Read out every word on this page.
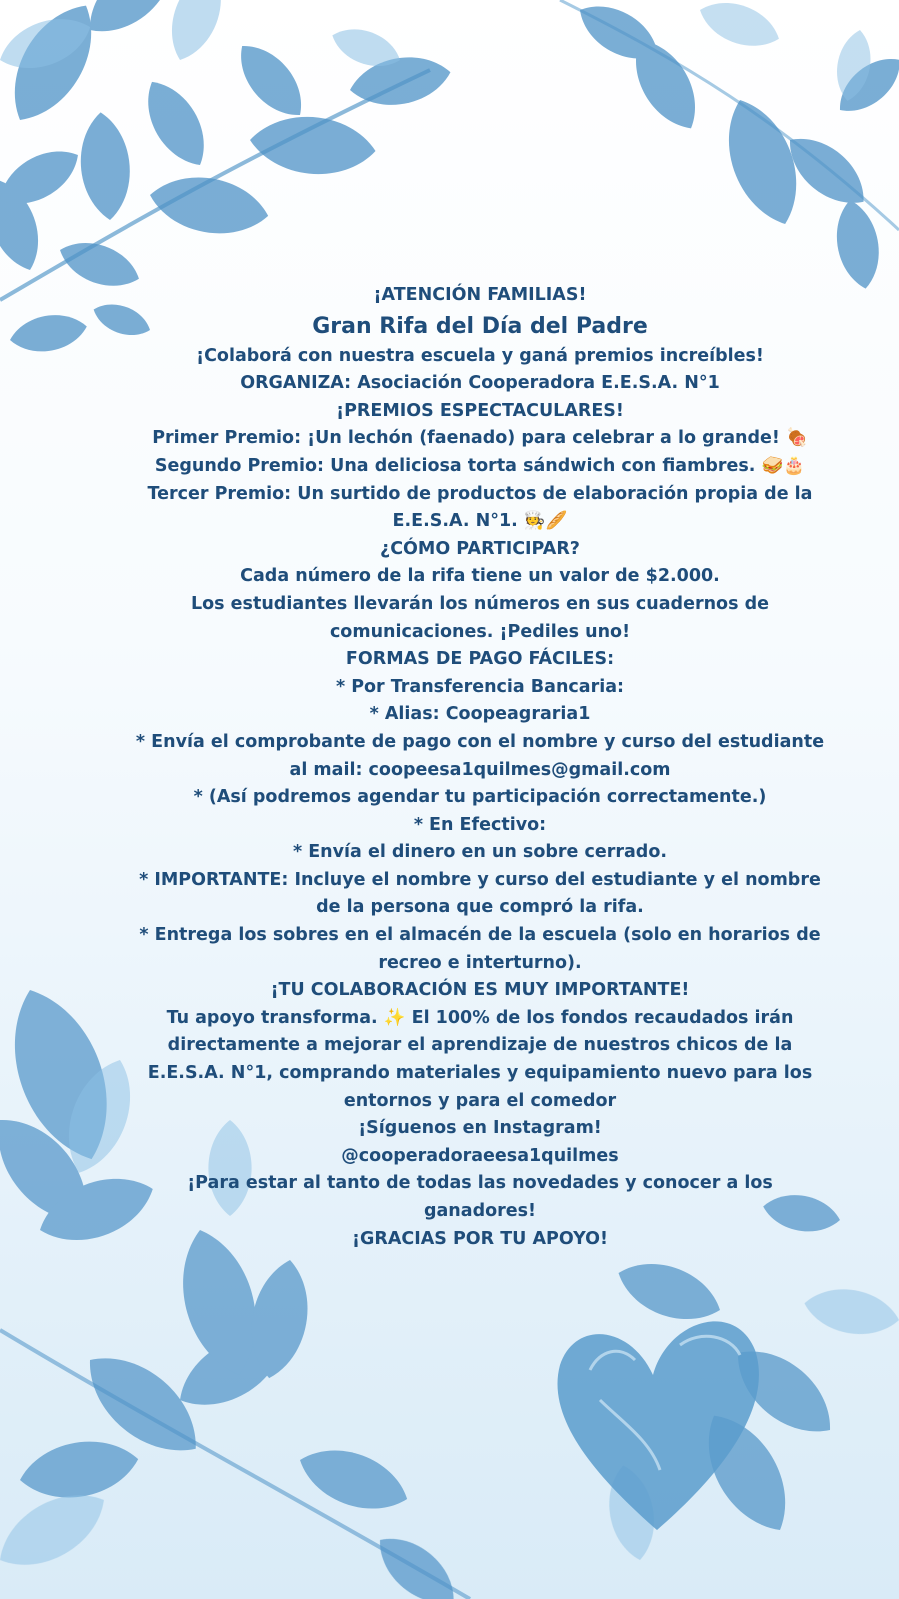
¡ATENCIÓN FAMILIAS!
Gran Rifa del Día del Padre
¡Colaborá con nuestra escuela y ganá premios increíbles!
ORGANIZA: Asociación Cooperadora E.E.S.A. N°1
¡PREMIOS ESPECTACULARES!
Primer Premio: ¡Un lechón (faenado) para celebrar a lo grande! 🍖
Segundo Premio: Una deliciosa torta sándwich con fiambres. 🥪🎂
Tercer Premio: Un surtido de productos de elaboración propia de la E.E.S.A. N°1. 🧑‍🍳🥖
¿CÓMO PARTICIPAR?
Cada número de la rifa tiene un valor de $2.000.
Los estudiantes llevarán los números en sus cuadernos de comunicaciones. ¡Pediles uno!
FORMAS DE PAGO FÁCILES:
* Por Transferencia Bancaria:
* Alias: Coopeagraria1
* Envía el comprobante de pago con el nombre y curso del estudiante al mail: coopeesa1quilmes@gmail.com
* (Así podremos agendar tu participación correctamente.)
* En Efectivo:
* Envía el dinero en un sobre cerrado.
* IMPORTANTE: Incluye el nombre y curso del estudiante y el nombre de la persona que compró la rifa.
* Entrega los sobres en el almacén de la escuela (solo en horarios de recreo e interturno).
¡TU COLABORACIÓN ES MUY IMPORTANTE!
Tu apoyo transforma. ✨ El 100% de los fondos recaudados irán directamente a mejorar el aprendizaje de nuestros chicos de la E.E.S.A. N°1, comprando materiales y equipamiento nuevo para los entornos y para el comedor
¡Síguenos en Instagram!
@cooperadoraeesa1quilmes
¡Para estar al tanto de todas las novedades y conocer a los ganadores!
¡GRACIAS POR TU APOYO!
